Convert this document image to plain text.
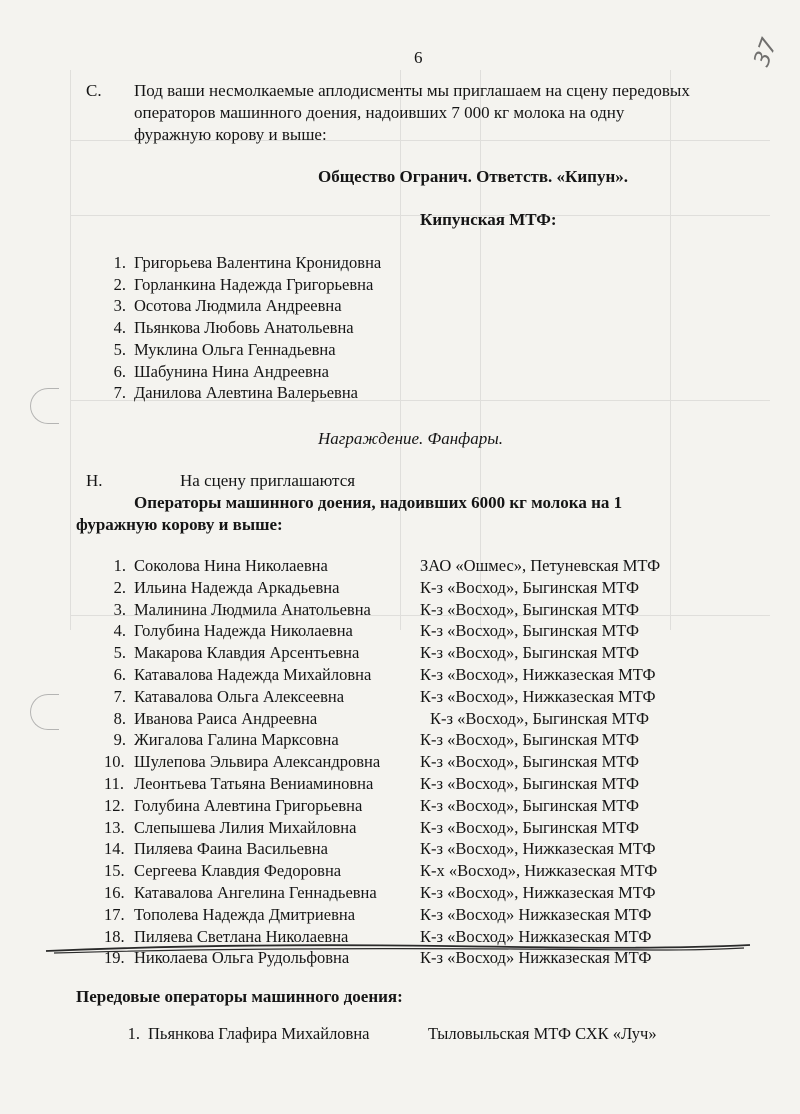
6	37
С. Под ваши несмолкаемые аплодисменты мы приглашаем на сцену передовых
операторов машинного доения, надоивших 7 000 кг молока на одну
фуражную корову и выше:
Общество Огранич. Ответств. «Кипун».
Кипунская МТФ:
1. Григорьева Валентина Кронидовна
2. Горланкина Надежда Григорьевна
3. Осотова Людмила Андреевна
4. Пьянкова Любовь Анатольевна
5. Муклина Ольга Геннадьевна
6. Шабунина Нина Андреевна
7. Данилова Алевтина Валерьевна
Награждение. Фанфары.
Н.	На сцену приглашаются
Операторы машинного доения, надоивших 6000 кг молока на 1
фуражную корову и выше:
1. Соколова Нина Николаевна	ЗАО «Ошмес», Петуневская МТФ
2. Ильина Надежда Аркадьевна	К-з «Восход», Быгинская МТФ
3. Малинина Людмила Анатольевна	К-з «Восход», Быгинская МТФ
4. Голубина Надежда Николаевна	К-з «Восход», Быгинская МТФ
5. Макарова Клавдия Арсентьевна	К-з «Восход», Быгинская МТФ
6. Катавалова Надежда Михайловна	К-з «Восход», Нижказеская МТФ
7. Катавалова Ольга Алексеевна	К-з «Восход», Нижказеская МТФ
8. Иванова Раиса Андреевна	К-з «Восход», Быгинская МТФ
9. Жигалова Галина Марксовна	К-з «Восход», Быгинская МТФ
10. Шулепова Эльвира Александровна К-з «Восход», Быгинская МТФ
11. Леонтьева Татьяна Вениаминовна	К-з «Восход», Быгинская МТФ
12. Голубина Алевтина Григорьевна	К-з «Восход», Быгинская МТФ
13. Слепышева Лилия Михайловна	К-з «Восход», Быгинская МТФ
14. Пиляева Фаина Васильевна	К-з «Восход», Нижказеская МТФ
15. Сергеева Клавдия Федоровна	К-х «Восход», Нижказеская МТФ
16. Катавалова Ангелина Геннадьевна	К-з «Восход», Нижказеская МТФ
17. Тополева Надежда Дмитриевна	К-з «Восход» Нижказеская МТФ
18. Пиляева Светлана Николаевна	К-з «Восход» Нижказеская МТФ
19. Николаева Ольга Рудольфовна	К-з «Восход» Нижказеская МТФ
Передовые операторы машинного доения:
1. Пьянкова Глафира Михайловна	Тыловыльская МТФ СХК «Луч»
